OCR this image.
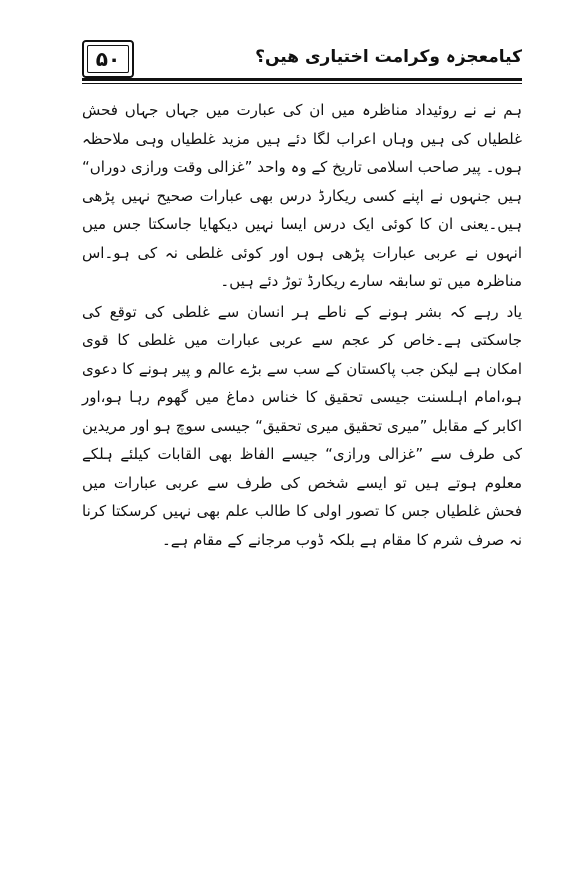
۵۰	کیامعجزہ وکرامت اختیاری ھیں؟

ہم نے نے روئیداد مناظرہ میں ان کی عبارت میں جہاں جہاں فحش غلطیاں کی ہیں وہاں اعراب لگا دئے ہیں مزید غلطیاں وہی ملاحظہ ہوں۔ پیر صاحب اسلامی تاریخ کے وہ واحد ”غزالی وقت ورازی دوراں“ ہیں جنہوں نے اپنے کسی ریکارڈ درس بھی عبارات صحیح نہیں پڑھی ہیں۔یعنی ان کا کوئی ایک درس ایسا نہیں دیکھایا جاسکتا جس میں انہوں نے عربی عبارات پڑھی ہوں اور کوئی غلطی نہ کی ہو۔اس مناظرہ میں تو سابقہ سارے ریکارڈ توڑ دئے ہیں۔

یاد رہے کہ بشر ہونے کے ناطے ہر انسان سے غلطی کی توقع کی جاسکتی ہے۔خاص کر عجم سے عربی عبارات میں غلطی کا قوی امکان ہے لیکن جب پاکستان کے سب سے بڑے عالم و پیر ہونے کا دعوی ہو،امام اہلسنت جیسی تحقیق کا خناس دماغ میں گھوم رہا ہو،اور اکابر کے مقابل ”میری تحقیق میری تحقیق“ جیسی سوچ ہو اور مریدین کی طرف سے ”غزالی ورازی“ جیسے الفاظ بھی القابات کیلئے ہلکے معلوم ہوتے ہیں تو ایسے شخص کی طرف سے عربی عبارات میں فحش غلطیاں جس کا تصور اولی کا طالب علم بھی نہیں کرسکتا کرنا نہ صرف شرم کا مقام ہے بلکہ ڈوب مرجانے کے مقام ہے۔
